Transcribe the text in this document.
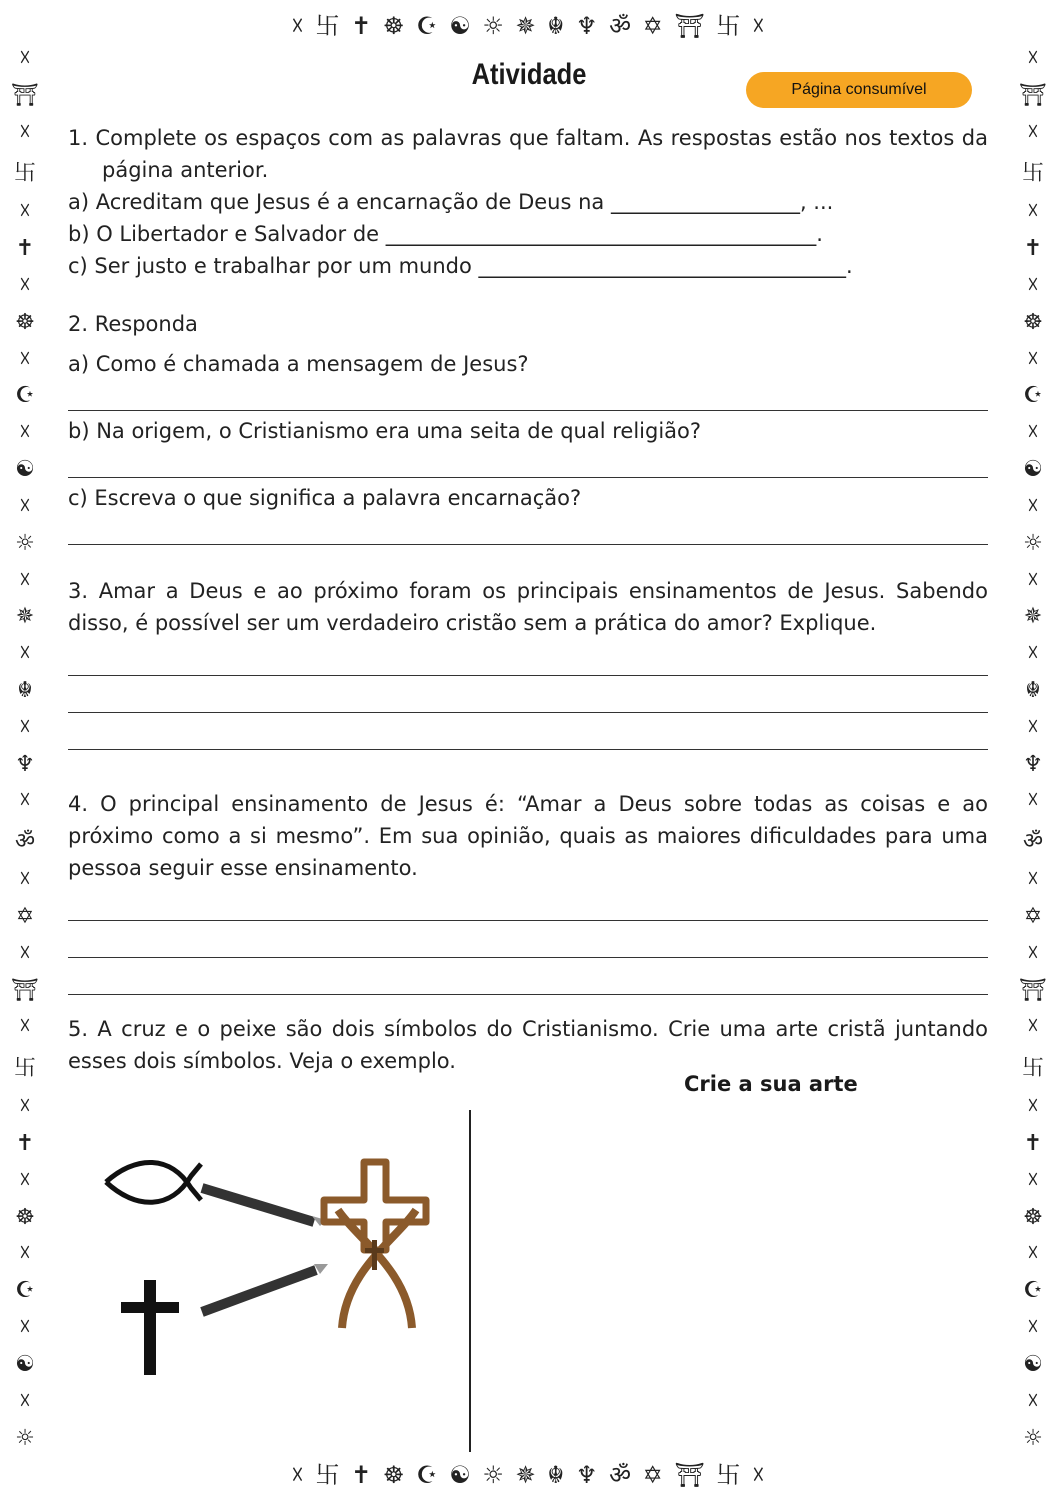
☓ 卐 ✝ ☸ ☪ ☯ ☼ ✵ ☬ ♆ ॐ ✡ ⛩ 卐 ☓
☓ 卐 ✝ ☸ ☪ ☯ ☼ ✵ ☬ ♆ ॐ ✡ ⛩ 卐 ☓
☓
⛩
☓
卐
☓
✝
☓
☸
☓
☪
☓
☯
☓
☼
☓
✵
☓
☬
☓
♆
☓
ॐ
☓
✡
☓
⛩
☓
卐
☓
✝
☓
☸
☓
☪
☓
☯
☓
☼
☓
⛩
☓
卐
☓
✝
☓
☸
☓
☪
☓
☯
☓
☼
☓
✵
☓
☬
☓
♆
☓
ॐ
☓
✡
☓
⛩
☓
卐
☓
✝
☓
☸
☓
☪
☓
☯
☓
☼
Atividade	Página consumível

1. Complete os espaços com as palavras que faltam. As respostas estão nos textos da página anterior.

a) Acreditam que Jesus é a encarnação de Deus na __________________, ...

b) O Libertador e Salvador de _________________________________________.

c) Ser justo e trabalhar por um mundo ___________________________________.

2. Responda

a) Como é chamada a mensagem de Jesus?

b) Na origem, o Cristianismo era uma seita de qual religião?

c) Escreva o que significa a palavra encarnação?

3. Amar a Deus e ao próximo foram os principais ensinamentos de Jesus. Sabendo disso, é possível ser um verdadeiro cristão sem a prática do amor? Explique.

4. O principal ensinamento de Jesus é: “Amar a Deus sobre todas as coisas e ao próximo como a si mesmo”. Em sua opinião, quais as maiores dificuldades para uma pessoa seguir esse ensinamento.

5. A cruz e o peixe são dois símbolos do Cristianismo. Crie uma arte cristã juntando esses dois símbolos. Veja o exemplo.

Crie a sua arte
